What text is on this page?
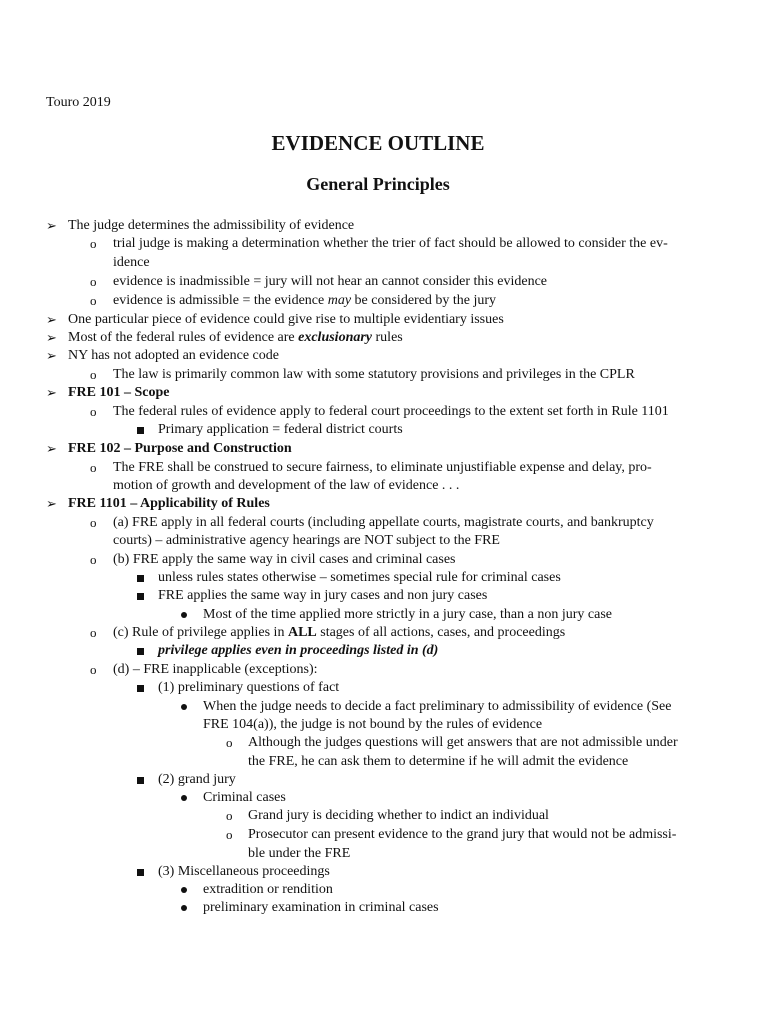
Touro 2019
EVIDENCE OUTLINE
General Principles
➢ The judge determines the admissibility of evidence
o trial judge is making a determination whether the trier of fact should be allowed to consider the ev-
idence
o evidence is inadmissible = jury will not hear an cannot consider this evidence
o evidence is admissible = the evidence may be considered by the jury
➢ One particular piece of evidence could give rise to multiple evidentiary issues
➢ Most of the federal rules of evidence are exclusionary rules
➢ NY has not adopted an evidence code
o The law is primarily common law with some statutory provisions and privileges in the CPLR
➢ FRE 101 – Scope
o The federal rules of evidence apply to federal court proceedings to the extent set forth in Rule 1101
Primary application = federal district courts
➢ FRE 102 – Purpose and Construction
o The FRE shall be construed to secure fairness, to eliminate unjustifiable expense and delay, pro-
motion of growth and development of the law of evidence . . .
➢ FRE 1101 – Applicability of Rules
o (a) FRE apply in all federal courts (including appellate courts, magistrate courts, and bankruptcy
courts) – administrative agency hearings are NOT subject to the FRE
o (b) FRE apply the same way in civil cases and criminal cases
unless rules states otherwise – sometimes special rule for criminal cases
FRE applies the same way in jury cases and non jury cases
Most of the time applied more strictly in a jury case, than a non jury case
o (c) Rule of privilege applies in ALL stages of all actions, cases, and proceedings
privilege applies even in proceedings listed in (d)
o (d) – FRE inapplicable (exceptions):
(1) preliminary questions of fact
When the judge needs to decide a fact preliminary to admissibility of evidence (See
FRE 104(a)), the judge is not bound by the rules of evidence
o Although the judges questions will get answers that are not admissible under
the FRE, he can ask them to determine if he will admit the evidence
(2) grand jury
Criminal cases
o Grand jury is deciding whether to indict an individual
o Prosecutor can present evidence to the grand jury that would not be admissi-
ble under the FRE
(3) Miscellaneous proceedings
extradition or rendition
preliminary examination in criminal cases
